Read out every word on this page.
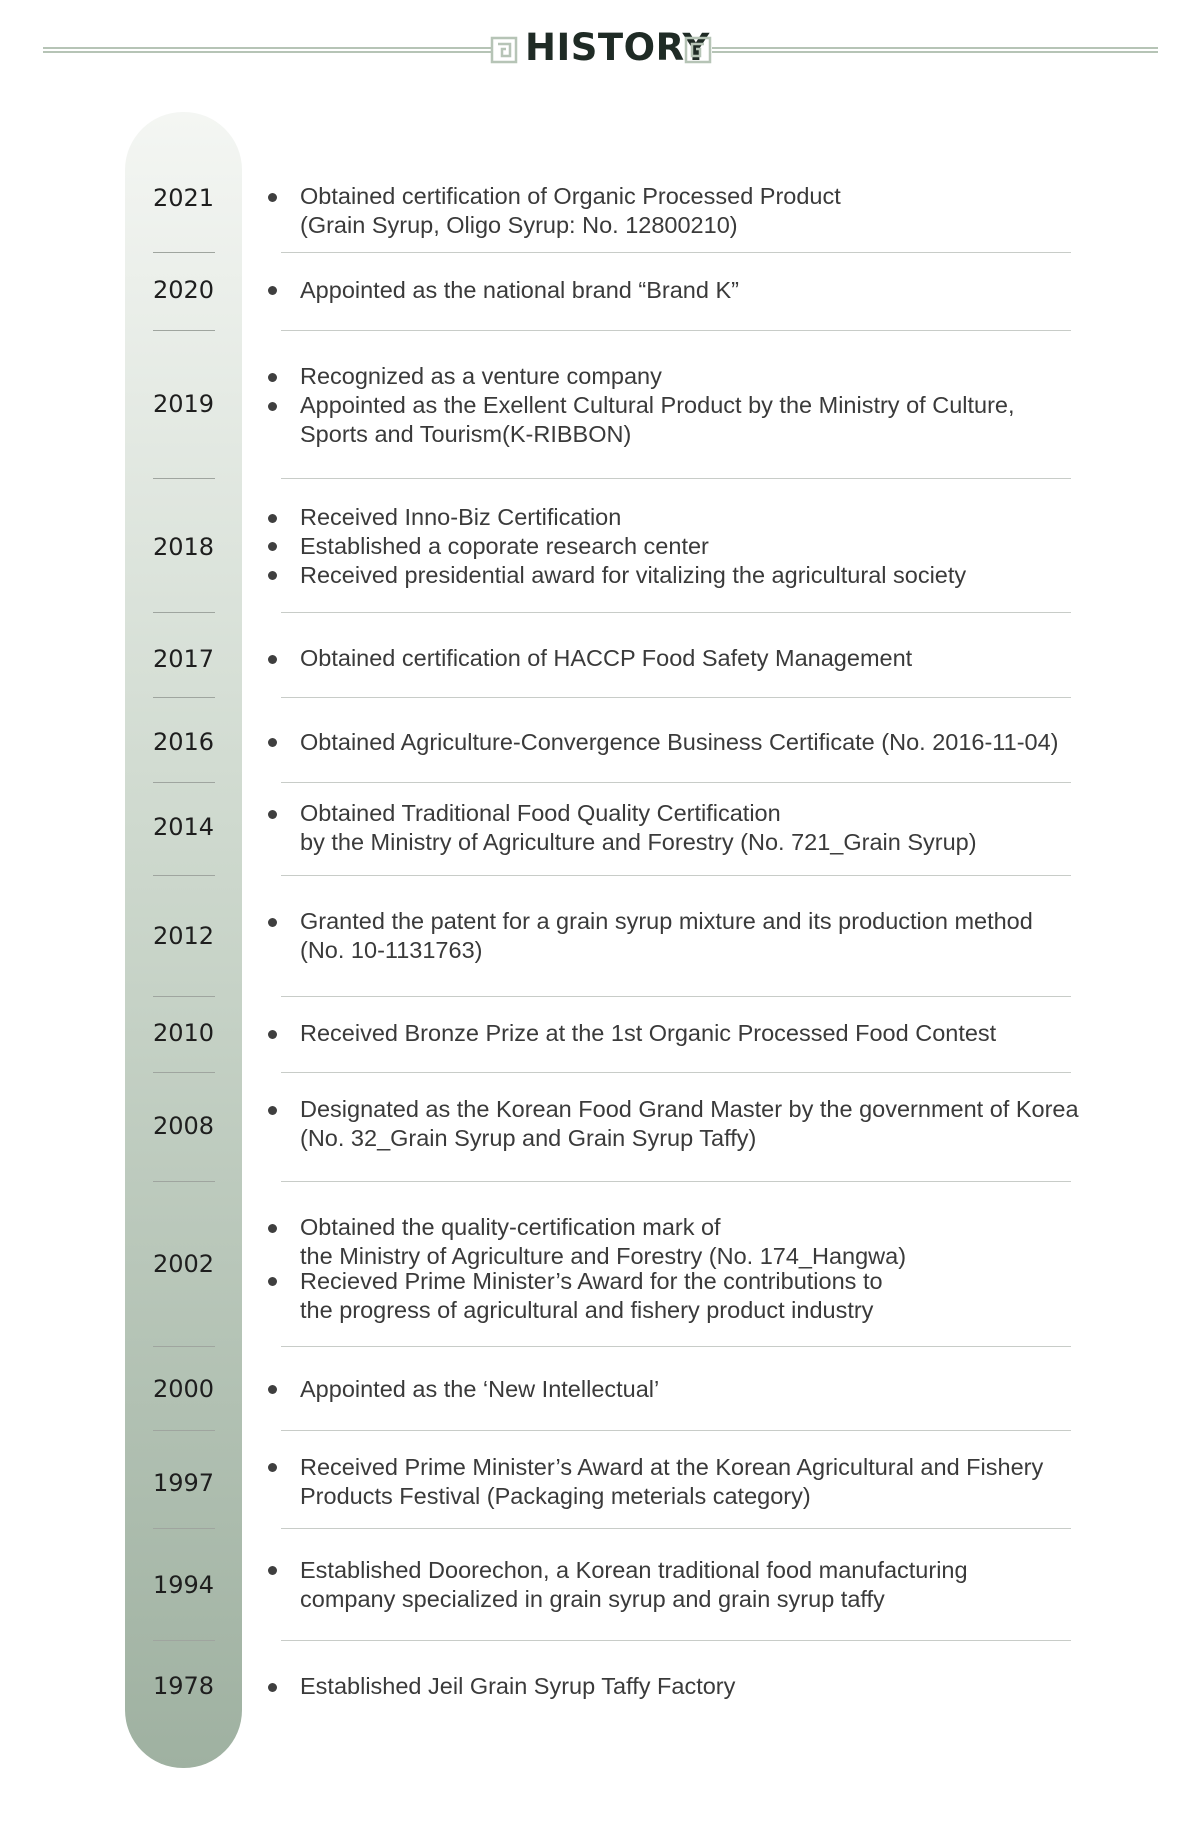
HISTORY
2021	Obtained certification of Organic Processed Product
(Grain Syrup, Oligo Syrup: No. 12800210)
2020	Appointed as the national brand “Brand K”
2019
Recognized as a venture company
Appointed as the Exellent Cultural Product by the Ministry of Culture,
Sports and Tourism(K-RIBBON)
2018
Received Inno-Biz Certification
Established a coporate research center
Received presidential award for vitalizing the agricultural society
2017	Obtained certification of HACCP Food Safety Management
2016	Obtained Agriculture-Convergence Business Certificate (No. 2016-11-04)
2014	Obtained Traditional Food Quality Certification
by the Ministry of Agriculture and Forestry (No. 721_Grain Syrup)
2012
Granted the patent for a grain syrup mixture and its production method
(No. 10-1131763)
2010	Received Bronze Prize at the 1st Organic Processed Food Contest
2008
Designated as the Korean Food Grand Master by the government of Korea
(No. 32_Grain Syrup and Grain Syrup Taffy)
2002
Obtained the quality-certification mark of
the Ministry of Agriculture and Forestry (No. 174_Hangwa)
Recieved Prime Minister’s Award for the contributions to
the progress of agricultural and fishery product industry
2000	Appointed as the ‘New Intellectual’
1997
Received Prime Minister’s Award at the Korean Agricultural and Fishery
Products Festival (Packaging meterials category)
1994
Established Doorechon, a Korean traditional food manufacturing
company specialized in grain syrup and grain syrup taffy
1978	Established Jeil Grain Syrup Taffy Factory
